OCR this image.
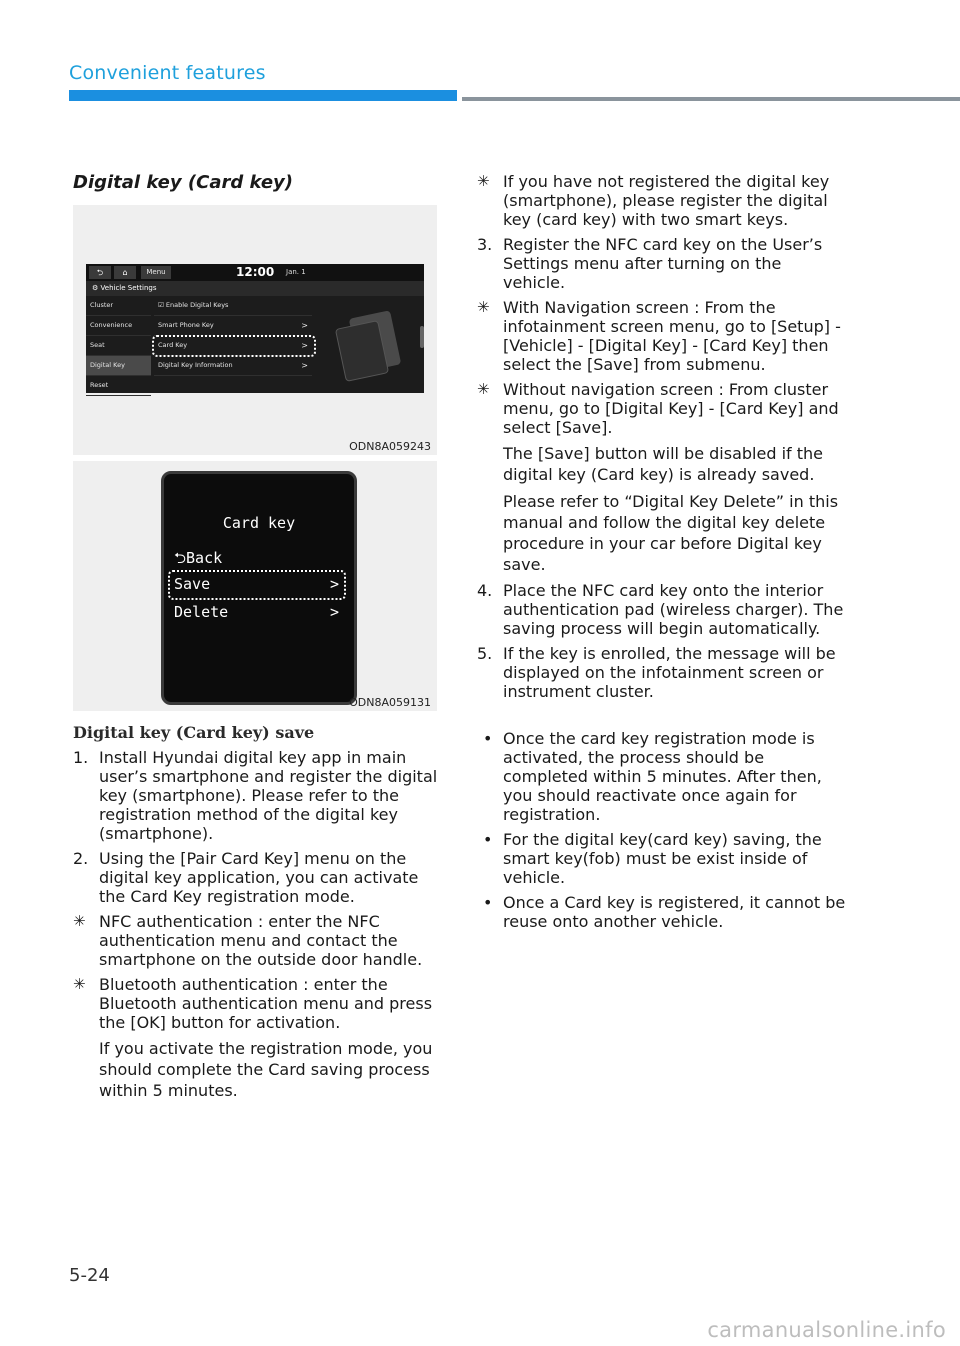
Convenient features
Digital key (Card key)
⮌	⌂	Menu	12:00 Jan. 1
⚙ Vehicle Settings
Cluster
Convenience
Seat
Digital Key
Reset
☑ Enable Digital Keys
Smart Phone Key	>
Card Key	>
Digital Key Information	>
ODN8A059243
Card key
⮌Back
Save	>
Delete	>
ODN8A059131
Digital key (Card key) save
1. Install Hyundai digital key app in main user’s smartphone and register the digital key (smartphone). Please refer to the registration method of the digital key (smartphone).
2. Using the [Pair Card Key] menu on the digital key application, you can activate the Card Key registration mode.
✳ NFC authentication : enter the NFC authentication menu and contact the smartphone on the outside door handle.
✳ Bluetooth authentication : enter the Bluetooth authentication menu and press the [OK] button for activation.

If you activate the registration mode, you should complete the Card saving process within 5 minutes.

✳ If you have not registered the digital key (smartphone), please register the digital key (card key) with two smart keys.
3. Register the NFC card key on the User’s Settings menu after turning on the vehicle.
✳ With Navigation screen : From the infotainment screen menu, go to [Setup] - [Vehicle] - [Digital Key] - [Card Key] then select the [Save] from submenu.
✳ Without navigation screen : From cluster menu, go to [Digital Key] - [Card Key] and select [Save].

The [Save] button will be disabled if the digital key (Card key) is already saved.

Please refer to “Digital Key Delete” in this manual and follow the digital key delete procedure in your car before Digital key save.

4. Place the NFC card key onto the interior authentication pad (wireless charger). The saving process will begin automatically.
5. If the key is enrolled, the message will be displayed on the infotainment screen or instrument cluster.
• Once the card key registration mode is activated, the process should be completed within 5 minutes. After then, you should reactivate once again for registration.
• For the digital key(card key) saving, the smart key(fob) must be exist inside of vehicle.
• Once a Card key is registered, it cannot be reuse onto another vehicle.
5-24
carmanualsonline.info
